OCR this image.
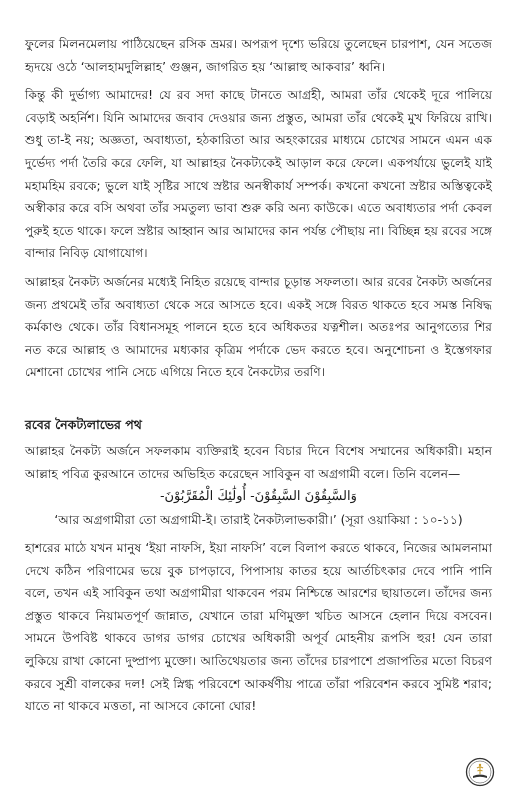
ফুলের মিলনমেলায় পাঠিয়েছেন রসিক ভ্রমর। অপরূপ দৃশ্যে ভরিয়ে তুলেছেন চারপাশ, যেন সতেজ হৃদয়ে ওঠে ‘আলহামদুলিল্লাহ’ গুঞ্জন, জাগরিত হয় ‘আল্লাহু আকবার’ ধ্বনি।

কিন্তু কী দুর্ভাগ্য আমাদের! যে রব সদা কাছে টানতে আগ্রহী, আমরা তাঁর থেকেই দূরে পালিয়ে বেড়াই অহর্নিশ। যিনি আমাদের জবাব দেওয়ার জন্য প্রস্তুত, আমরা তাঁর থেকেই মুখ ফিরিয়ে রাখি। শুধু তা-ই নয়; অজ্ঞতা, অবাধ্যতা, হঠকারিতা আর অহংকারের মাধ্যমে চোখের সামনে এমন এক দুর্ভেদ্য পর্দা তৈরি করে ফেলি, যা আল্লাহর নৈকট্যকেই আড়াল করে ফেলে। একপর্যায়ে ভুলেই যাই মহামহিম রবকে; ভুলে যাই সৃষ্টির সাথে স্রষ্টার অনস্বীকার্য সম্পর্ক। কখনো কখনো স্রষ্টার অস্তিত্বকেই অস্বীকার করে বসি অথবা তাঁর সমতুল্য ভাবা শুরু করি অন্য কাউকে। এতে অবাধ্যতার পর্দা কেবল পুরুই হতে থাকে। ফলে স্রষ্টার আহ্বান আর আমাদের কান পর্যন্ত পৌছায় না। বিচ্ছিন্ন হয় রবের সঙ্গে বান্দার নিবিড় যোগাযোগ।

আল্লাহর নৈকট্য অর্জনের মধ্যেই নিহিত রয়েছে বান্দার চূড়ান্ত সফলতা। আর রবের নৈকট্য অর্জনের জন্য প্রথমেই তাঁর অবাধ্যতা থেকে সরে আসতে হবে। একই সঙ্গে বিরত থাকতে হবে সমস্ত নিষিদ্ধ কর্মকাণ্ড থেকে। তাঁর বিধানসমূহ পালনে হতে হবে অধিকতর যত্নশীল। অতঃপর আনুগত্যের শির নত করে আল্লাহ ও আমাদের মধ্যকার কৃত্রিম পর্দাকে ভেদ করতে হবে। অনুশোচনা ও ইস্তেগফার মেশানো চোখের পানি সেচে এগিয়ে নিতে হবে নৈকট্যের তরণি।

রবের নৈকট্যলাভের পথ

আল্লাহর নৈকট্য অর্জনে সফলকাম ব্যক্তিরাই হবেন বিচার দিনে বিশেষ সম্মানের অধিকারী। মহান আল্লাহ পবিত্র কুরআনে তাদের অভিহিত করেছেন সাবিকুন বা অগ্রগামী বলে। তিনি বলেন—

وَالسَّبِقُوْنَ السَّبِقُوْنَ- أُولَٰئِكَ الْمُقَرَّبُوْنَ-

‘আর অগ্রগামীরা তো অগ্রগামী-ই। তারাই নৈকট্যলাভকারী।’ (সূরা ওয়াকিয়া : ১০-১১)

হাশরের মাঠে যখন মানুষ ‘ইয়া নাফসি, ইয়া নাফসি’ বলে বিলাপ করতে থাকবে, নিজের আমলনামা দেখে কঠিন পরিণামের ভয়ে বুক চাপড়াবে, পিপাসায় কাতর হয়ে আর্তচিৎকার দেবে পানি পানি বলে, তখন এই সাবিকুন তথা অগ্রগামীরা থাকবেন পরম নিশ্চিন্তে আরশের ছায়াতলে। তাঁদের জন্য প্রস্তুত থাকবে নিয়ামতপূর্ণ জান্নাত, যেখানে তারা মণিমুক্তা খচিত আসনে হেলান দিয়ে বসবেন। সামনে উপবিষ্ট থাকবে ডাগর ডাগর চোখের অধিকারী অপূর্ব মোহনীয় রূপসি হুর! যেন তারা লুকিয়ে রাখা কোনো দুষ্প্রাপ্য মুক্তো। আতিথেয়তার জন্য তাঁদের চারপাশে প্রজাপতির মতো বিচরণ করবে সুশ্রী বালকের দল! সেই স্নিগ্ধ পরিবেশে আকর্ষণীয় পাত্রে তাঁরা পরিবেশন করবে সুমিষ্ট শরাব; যাতে না থাকবে মত্ততা, না আসবে কোনো ঘোর!
